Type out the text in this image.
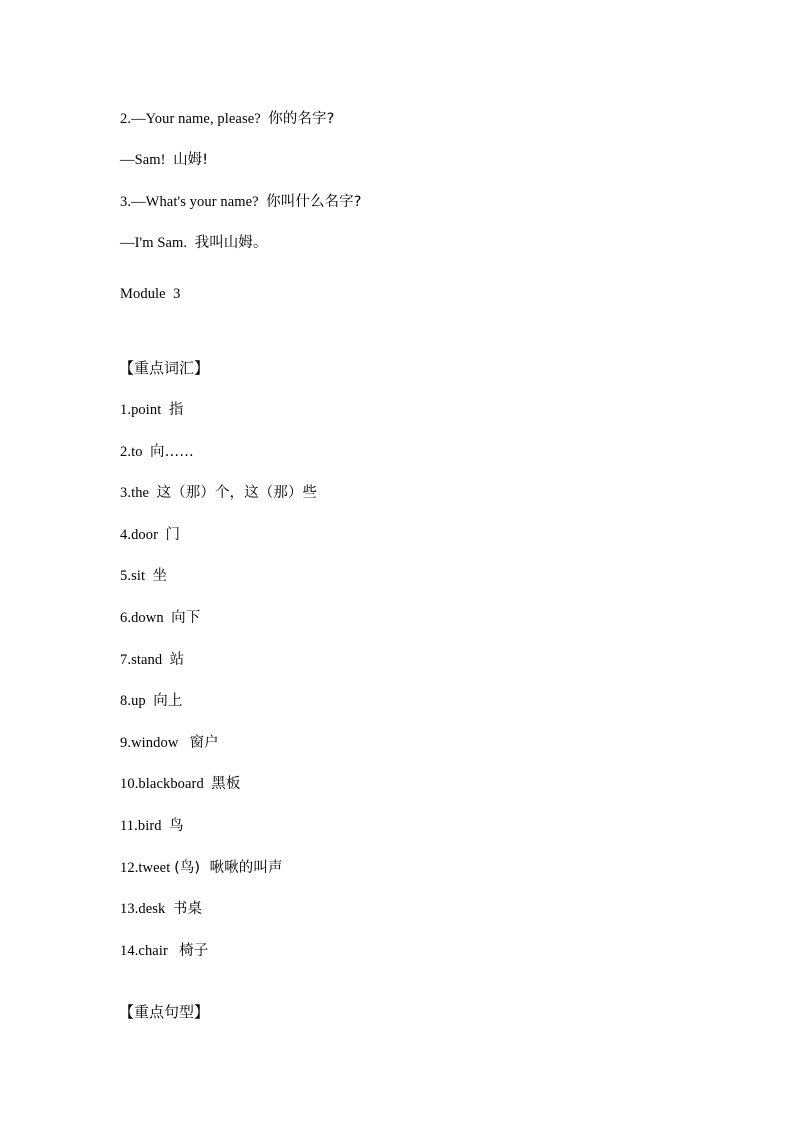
2.—Your name, please?  你的名字?
—Sam!  山姆!
3.—What's your name?  你叫什么名字?
—I'm Sam.  我叫山姆。
Module  3
【重点词汇】
1.point  指
2.to  向……
3.the  这（那）个，这（那）些
4.door  门
5.sit  坐
6.down  向下
7.stand  站
8.up  向上
9.window   窗户
10.blackboard  黑板
11.bird  鸟
12.tweet (鸟)  啾啾的叫声
13.desk  书桌
14.chair   椅子
【重点句型】
